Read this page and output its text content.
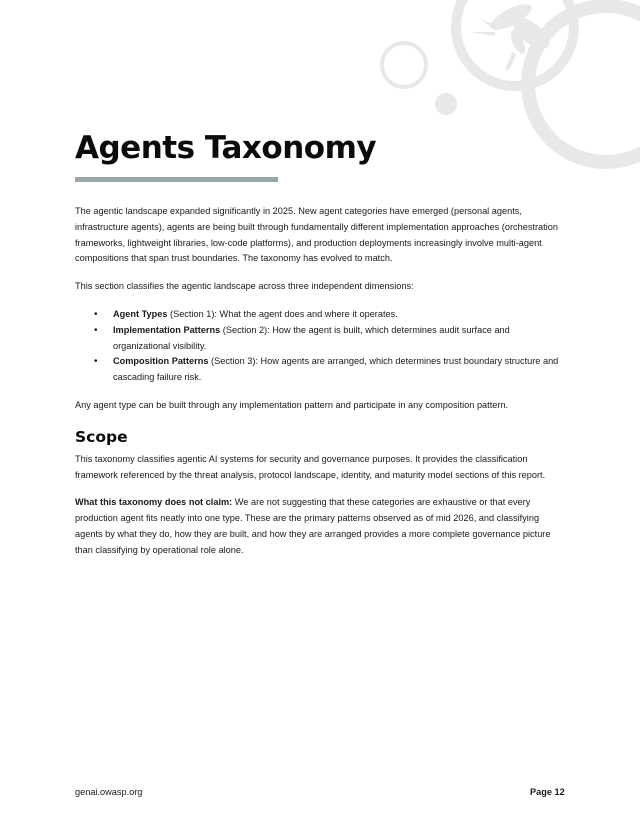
Agents Taxonomy

The agentic landscape expanded significantly in 2025. New agent categories have emerged (personal agents, infrastructure agents), agents are being built through fundamentally different implementation approaches (orchestration frameworks, lightweight libraries, low-code platforms), and production deployments increasingly involve multi-agent compositions that span trust boundaries. The taxonomy has evolved to match.

This section classifies the agentic landscape across three independent dimensions:

• Agent Types (Section 1): What the agent does and where it operates.
• Implementation Patterns (Section 2): How the agent is built, which determines audit surface and organizational visibility.
• Composition Patterns (Section 3): How agents are arranged, which determines trust boundary structure and cascading failure risk.

Any agent type can be built through any implementation pattern and participate in any composition pattern.

Scope

This taxonomy classifies agentic AI systems for security and governance purposes. It provides the classification framework referenced by the threat analysis, protocol landscape, identity, and maturity model sections of this report.

What this taxonomy does not claim: We are not suggesting that these categories are exhaustive or that every production agent fits neatly into one type. These are the primary patterns observed as of mid 2026, and classifying agents by what they do, how they are built, and how they are arranged provides a more complete governance picture than classifying by operational role alone.

genai.owasp.org	Page 12
